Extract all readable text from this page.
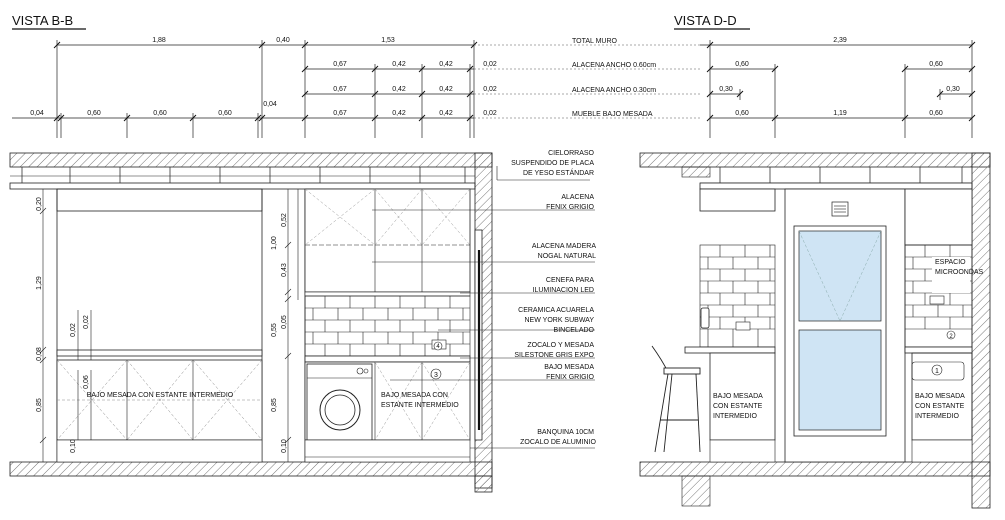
VISTA B-B	VISTA D-D
1,88	0,40	1,53
0,67	0,42	0,42	0,02
0,67	0,42	0,42	0,02
0,04	0,60	0,60	0,60
0,04
0,67	0,42	0,42	0,02
TOTAL MURO
ALACENA ANCHO 0.60cm
ALACENA ANCHO 0.30cm
MUEBLE BAJO MESADA
2,39
0,60	0,60
0,30	0,30
0,60	1,19	0,60
BAJO MESADA CON ESTANTE INTERMEDIO
4
3
BAJO MESADA CON
ESTANTE INTERMEDIO
0,20
1,29
0,08
0,85
0,02
0,02
0,06
0,10
0,52
1,00
0,43
0,05
0,55
0,85
0,10
CIELORRASO
SUSPENDIDO DE PLACA
DE YESO ESTÁNDAR
ALACENA
FENIX GRIGIO
ALACENA MADERA
NOGAL NATURAL
CENEFA PARA
ILUMINACION LED
CERAMICA ACUARELA
NEW YORK SUBWAY
BINCELADO
ZOCALO Y MESADA
SILESTONE GRIS EXPO
BAJO MESADA
FENIX GRIGIO
BANQUINA 10CM
ZOCALO DE ALUMINIO
BAJO MESADA
CON ESTANTE
INTERMEDIO
ESPACIO
MICROONDAS
2
1
BAJO MESADA
CON ESTANTE
INTERMEDIO
